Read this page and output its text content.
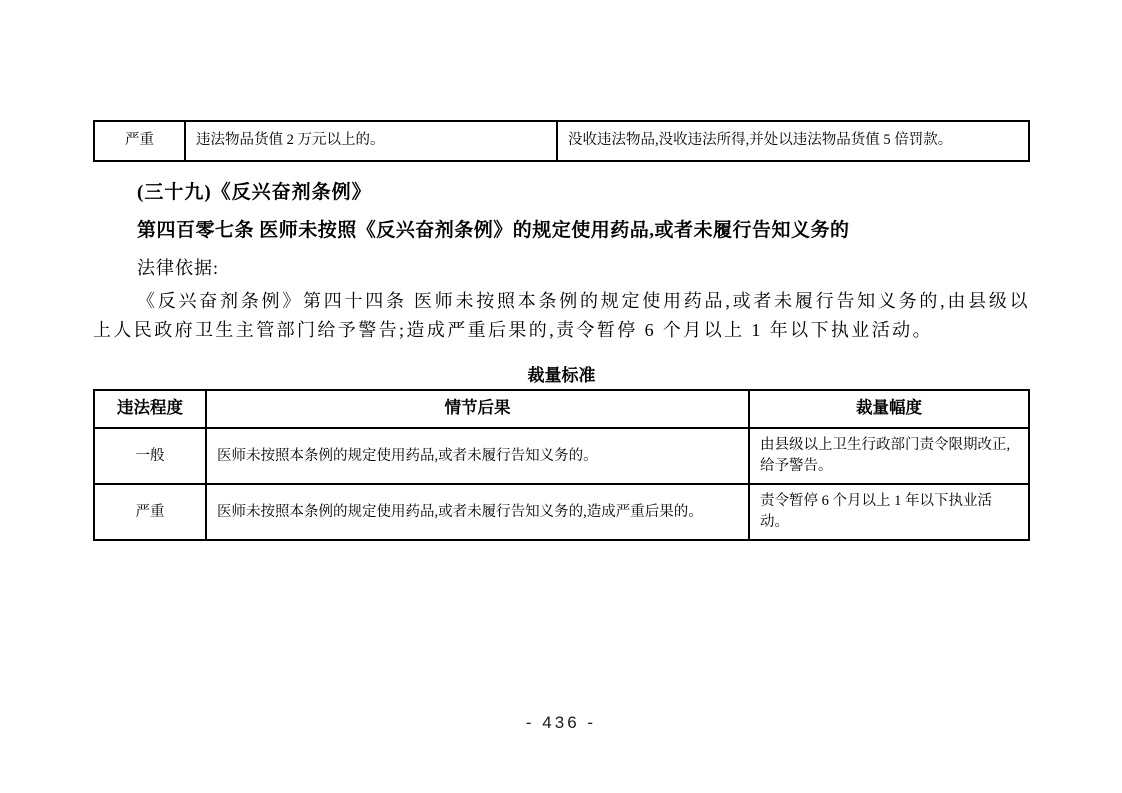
严重	违法物品货值 2 万元以上的。	没收违法物品,没收违法所得,并处以违法物品货值 5 倍罚款。
(三十九)《反兴奋剂条例》
第四百零七条 医师未按照《反兴奋剂条例》的规定使用药品,或者未履行告知义务的
法律依据:
《反兴奋剂条例》第四十四条 医师未按照本条例的规定使用药品,或者未履行告知义务的,由县级以上人民政府卫生主管部门给予警告;造成严重后果的,责令暂停 6 个月以上 1 年以下执业活动。
裁量标准
违法程度	情节后果	裁量幅度
一般	医师未按照本条例的规定使用药品,或者未履行告知义务的。	由县级以上卫生行政部门责令限期改正,给予警告。
严重	医师未按照本条例的规定使用药品,或者未履行告知义务的,造成严重后果的。	责令暂停 6 个月以上 1 年以下执业活动。
- 436 -
